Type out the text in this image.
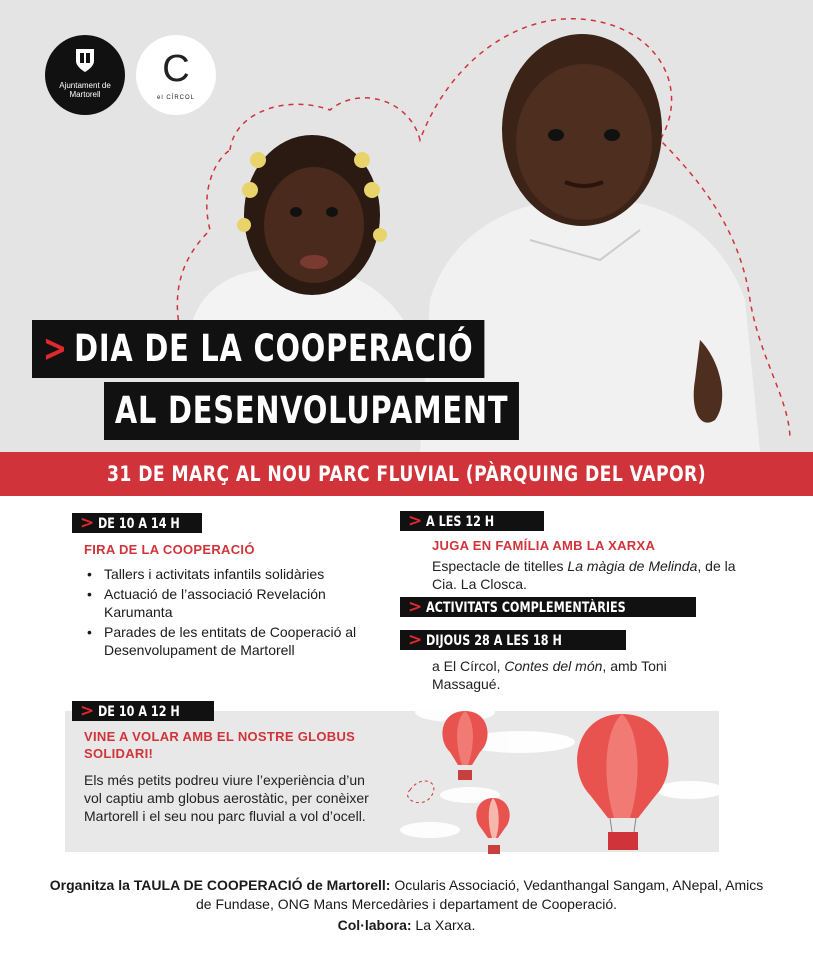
Ajuntament de Martorell
C
el CÍRCOL
> DIA DE LA COOPERACIÓ
AL DESENVOLUPAMENT
31 DE MARÇ AL NOU PARC FLUVIAL (PÀRQUING DEL VAPOR)
> DE 10 A 14 H
FIRA DE LA COOPERACIÓ
• Tallers i activitats infantils solidàries
• Actuació de l’associació Revelación Karumanta
• Parades de les entitats de Cooperació al Desenvolupament de Martorell
> A LES 12 H
JUGA EN FAMÍLIA AMB LA XARXA
Espectacle de titelles La màgia de Melinda, de la Cia. La Closca.
> ACTIVITATS COMPLEMENTÀRIES
> DIJOUS 28 A LES 18 H
a El Círcol, Contes del món, amb Toni Massagué.
> DE 10 A 12 H
VINE A VOLAR AMB EL NOSTRE GLOBUS
SOLIDARI!
Els més petits podreu viure l’experiència d’un vol captiu amb globus aerostàtic, per conèixer Martorell i el seu nou parc fluvial a vol d’ocell.
Organitza la TAULA DE COOPERACIÓ de Martorell: Ocularis Associació, Vedanthangal Sangam, ANepal, Amics de Fundase, ONG Mans Mercedàries i departament de Cooperació.
Col·labora: La Xarxa.
